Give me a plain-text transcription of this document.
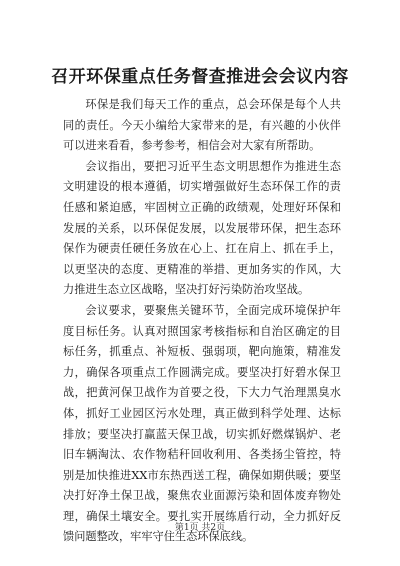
召开环保重点任务督查推进会会议内容

环保是我们每天工作的重点，总会环保是每个人共同的责任。今天小编给大家带来的是，有兴趣的小伙伴可以进来看看，参考参考，相信会对大家有所帮助。

会议指出，要把习近平生态文明思想作为推进生态文明建设的根本遵循，切实增强做好生态环保工作的责任感和紧迫感，牢固树立正确的政绩观，处理好环保和发展的关系，以环保促发展，以发展带环保，把生态环保作为硬责任硬任务放在心上、扛在肩上、抓在手上，以更坚决的态度、更精准的举措、更加务实的作风，大力推进生态立区战略，坚决打好污染防治攻坚战。

会议要求，要聚焦关键环节，全面完成环境保护年度目标任务。认真对照国家考核指标和自治区确定的目标任务，抓重点、补短板、强弱项，靶向施策，精准发力，确保各项重点工作圆满完成。要坚决打好碧水保卫战，把黄河保卫战作为首要之役，下大力气治理黑臭水体，抓好工业园区污水处理，真正做到科学处理、达标排放；要坚决打赢蓝天保卫战，切实抓好燃煤锅炉、老旧车辆淘汰、农作物秸秆回收利用、各类扬尘管控，特别是加快推进XX市东热西送工程，确保如期供暖；要坚决打好净土保卫战，聚焦农业面源污染和固体废弃物处理，确保土壤安全。要扎实开展练盾行动，全力抓好反馈问题整改，牢牢守住生态环保底线。

第1页 共2页
